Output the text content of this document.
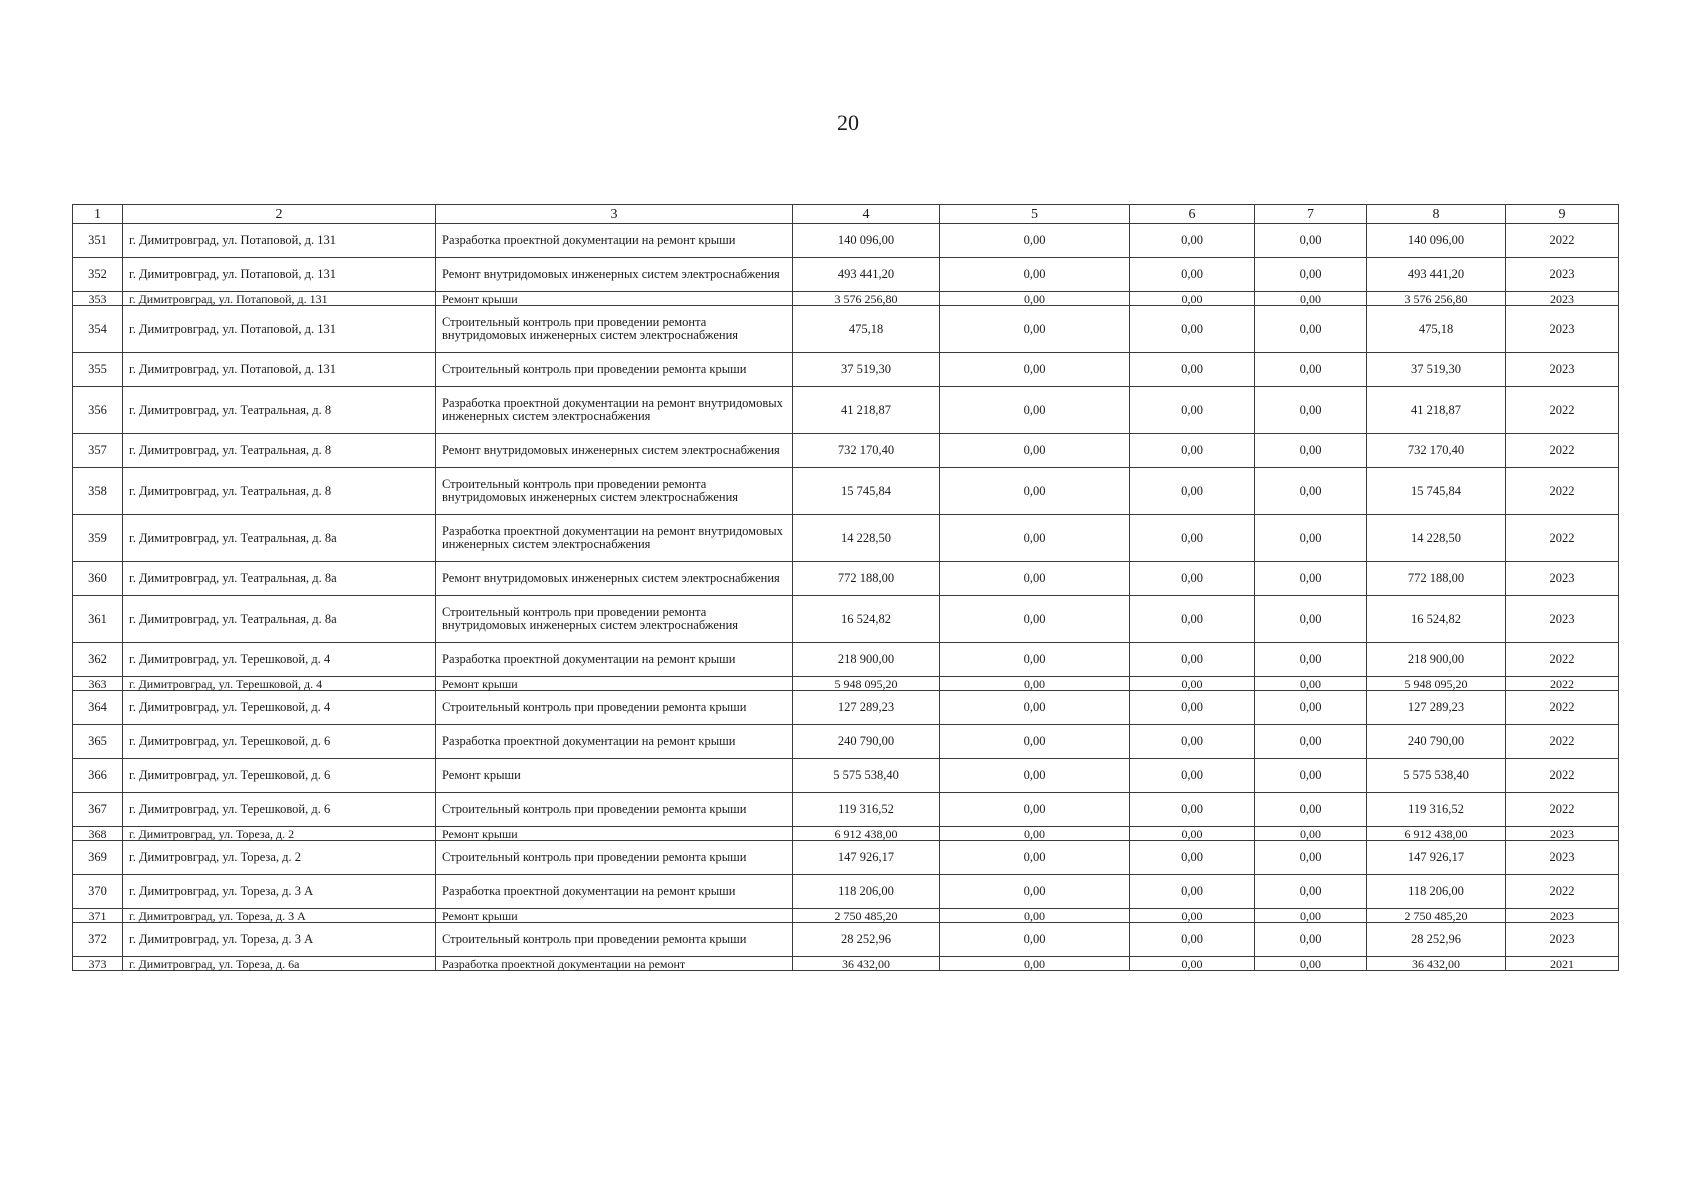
20
1	2	3	4	5	6	7	8	9
351	г. Димитровград, ул. Потаповой, д. 131	Разработка проектной документации на ремонт крыши	140 096,00	0,00	0,00	0,00	140 096,00	2022
352	г. Димитровград, ул. Потаповой, д. 131	Ремонт внутридомовых инженерных систем электроснабжения	493 441,20	0,00	0,00	0,00	493 441,20	2023
353	г. Димитровград, ул. Потаповой, д. 131	Ремонт крыши	3 576 256,80	0,00	0,00	0,00	3 576 256,80	2023
354	г. Димитровград, ул. Потаповой, д. 131	Строительный контроль при проведении ремонта внутридомовых инженерных систем электроснабжения	475,18	0,00	0,00	0,00	475,18	2023
355	г. Димитровград, ул. Потаповой, д. 131	Строительный контроль при проведении ремонта крыши	37 519,30	0,00	0,00	0,00	37 519,30	2023
356	г. Димитровград, ул. Театральная, д. 8	Разработка проектной документации на ремонт внутридомовых инженерных систем электроснабжения	41 218,87	0,00	0,00	0,00	41 218,87	2022
357	г. Димитровград, ул. Театральная, д. 8	Ремонт внутридомовых инженерных систем электроснабжения	732 170,40	0,00	0,00	0,00	732 170,40	2022
358	г. Димитровград, ул. Театральная, д. 8	Строительный контроль при проведении ремонта внутридомовых инженерных систем электроснабжения	15 745,84	0,00	0,00	0,00	15 745,84	2022
359	г. Димитровград, ул. Театральная, д. 8а	Разработка проектной документации на ремонт внутридомовых инженерных систем электроснабжения	14 228,50	0,00	0,00	0,00	14 228,50	2022
360	г. Димитровград, ул. Театральная, д. 8а	Ремонт внутридомовых инженерных систем электроснабжения	772 188,00	0,00	0,00	0,00	772 188,00	2023
361	г. Димитровград, ул. Театральная, д. 8а	Строительный контроль при проведении ремонта внутридомовых инженерных систем электроснабжения	16 524,82	0,00	0,00	0,00	16 524,82	2023
362	г. Димитровград, ул. Терешковой, д. 4	Разработка проектной документации на ремонт крыши	218 900,00	0,00	0,00	0,00	218 900,00	2022
363	г. Димитровград, ул. Терешковой, д. 4	Ремонт крыши	5 948 095,20	0,00	0,00	0,00	5 948 095,20	2022
364	г. Димитровград, ул. Терешковой, д. 4	Строительный контроль при проведении ремонта крыши	127 289,23	0,00	0,00	0,00	127 289,23	2022
365	г. Димитровград, ул. Терешковой, д. 6	Разработка проектной документации на ремонт крыши	240 790,00	0,00	0,00	0,00	240 790,00	2022
366	г. Димитровград, ул. Терешковой, д. 6	Ремонт крыши	5 575 538,40	0,00	0,00	0,00	5 575 538,40	2022
367	г. Димитровград, ул. Терешковой, д. 6	Строительный контроль при проведении ремонта крыши	119 316,52	0,00	0,00	0,00	119 316,52	2022
368	г. Димитровград, ул. Тореза, д. 2	Ремонт крыши	6 912 438,00	0,00	0,00	0,00	6 912 438,00	2023
369	г. Димитровград, ул. Тореза, д. 2	Строительный контроль при проведении ремонта крыши	147 926,17	0,00	0,00	0,00	147 926,17	2023
370	г. Димитровград, ул. Тореза, д. 3 А	Разработка проектной документации на ремонт крыши	118 206,00	0,00	0,00	0,00	118 206,00	2022
371	г. Димитровград, ул. Тореза, д. 3 А	Ремонт крыши	2 750 485,20	0,00	0,00	0,00	2 750 485,20	2023
372	г. Димитровград, ул. Тореза, д. 3 А	Строительный контроль при проведении ремонта крыши	28 252,96	0,00	0,00	0,00	28 252,96	2023
373	г. Димитровград, ул. Тореза, д. 6а	Разработка проектной документации на ремонт	36 432,00	0,00	0,00	0,00	36 432,00	2021
